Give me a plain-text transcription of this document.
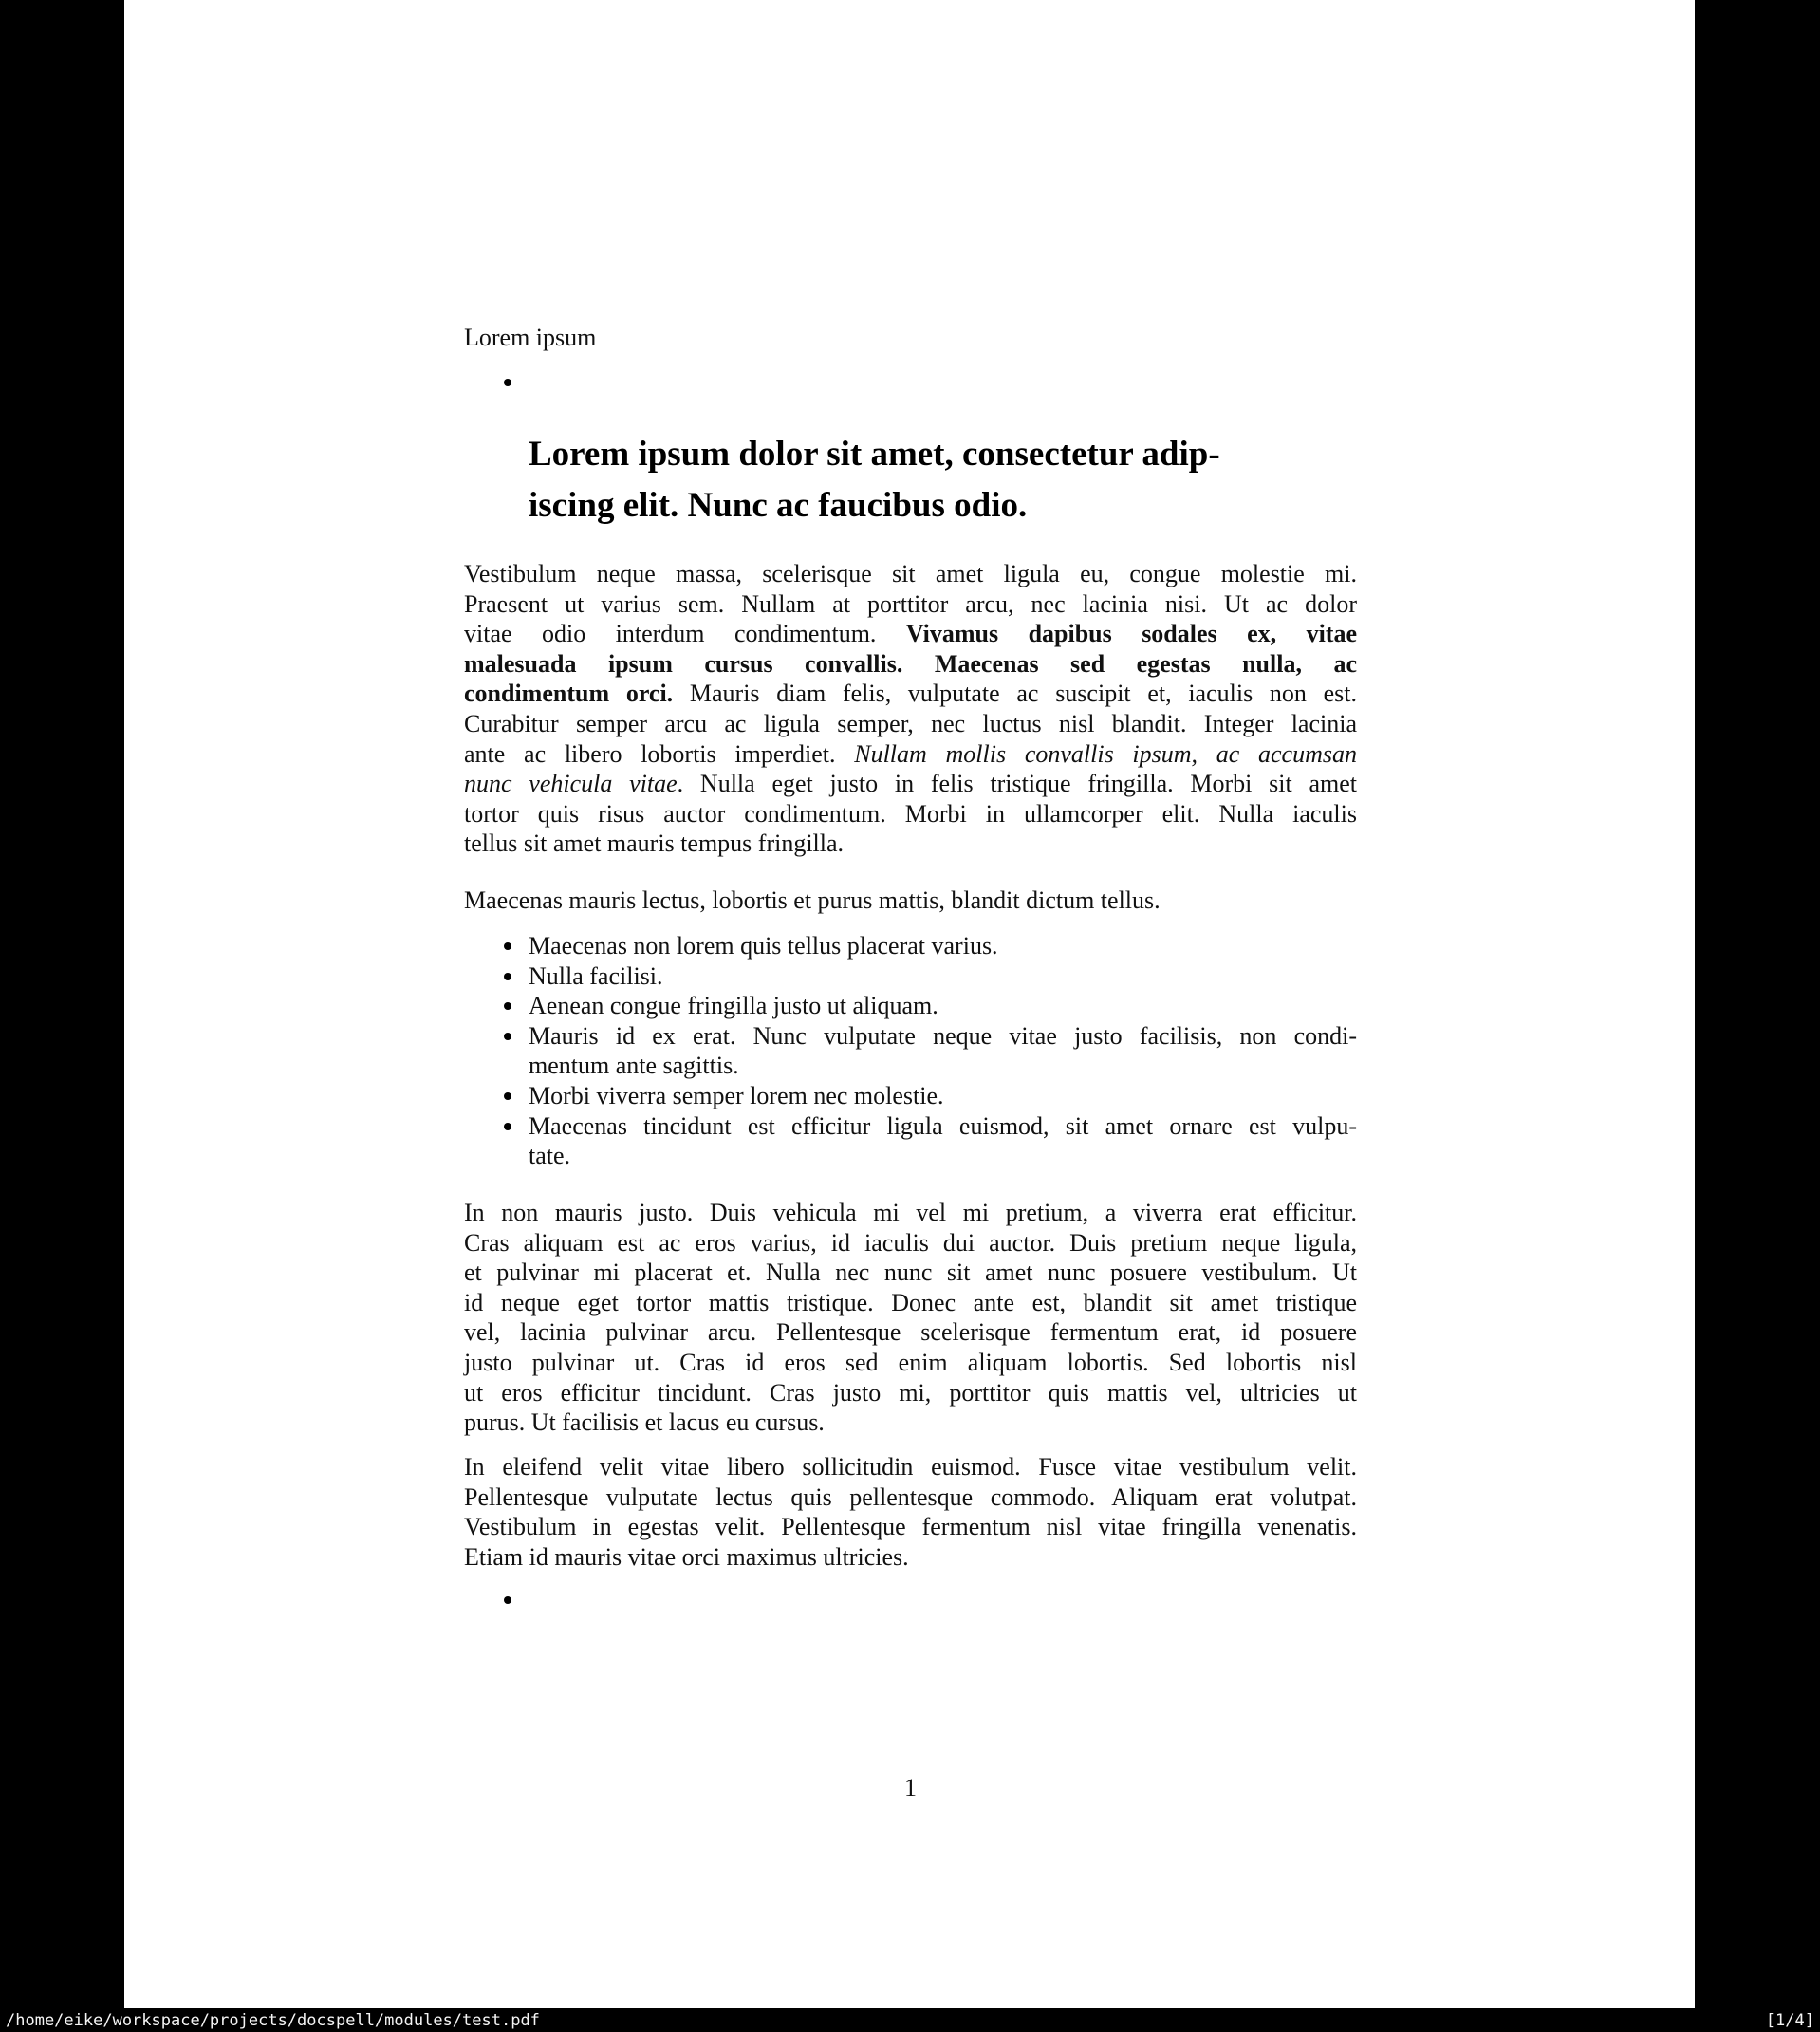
Lorem ipsum
Lorem ipsum dolor sit amet, consectetur adip-
iscing elit. Nunc ac faucibus odio.
Vestibulum neque massa, scelerisque sit amet ligula eu, congue molestie mi.
Praesent ut varius sem. Nullam at porttitor arcu, nec lacinia nisi. Ut ac dolor
vitae odio interdum condimentum. Vivamus dapibus sodales ex, vitae
malesuada ipsum cursus convallis. Maecenas sed egestas nulla, ac
condimentum orci. Mauris diam felis, vulputate ac suscipit et, iaculis non est.
Curabitur semper arcu ac ligula semper, nec luctus nisl blandit. Integer lacinia
ante ac libero lobortis imperdiet. Nullam mollis convallis ipsum, ac accumsan
nunc vehicula vitae. Nulla eget justo in felis tristique fringilla. Morbi sit amet
tortor quis risus auctor condimentum. Morbi in ullamcorper elit. Nulla iaculis
tellus sit amet mauris tempus fringilla.
Maecenas mauris lectus, lobortis et purus mattis, blandit dictum tellus.
Maecenas non lorem quis tellus placerat varius.
Nulla facilisi.
Aenean congue fringilla justo ut aliquam.
Mauris id ex erat. Nunc vulputate neque vitae justo facilisis, non condi-
mentum ante sagittis.
Morbi viverra semper lorem nec molestie.
Maecenas tincidunt est efficitur ligula euismod, sit amet ornare est vulpu-
tate.
In non mauris justo. Duis vehicula mi vel mi pretium, a viverra erat efficitur.
Cras aliquam est ac eros varius, id iaculis dui auctor. Duis pretium neque ligula,
et pulvinar mi placerat et. Nulla nec nunc sit amet nunc posuere vestibulum. Ut
id neque eget tortor mattis tristique. Donec ante est, blandit sit amet tristique
vel, lacinia pulvinar arcu. Pellentesque scelerisque fermentum erat, id posuere
justo pulvinar ut. Cras id eros sed enim aliquam lobortis. Sed lobortis nisl
ut eros efficitur tincidunt. Cras justo mi, porttitor quis mattis vel, ultricies ut
purus. Ut facilisis et lacus eu cursus.
In eleifend velit vitae libero sollicitudin euismod. Fusce vitae vestibulum velit.
Pellentesque vulputate lectus quis pellentesque commodo. Aliquam erat volutpat.
Vestibulum in egestas velit. Pellentesque fermentum nisl vitae fringilla venenatis.
Etiam id mauris vitae orci maximus ultricies.
1
/home/eike/workspace/projects/docspell/modules/test.pdf	[1/4]
